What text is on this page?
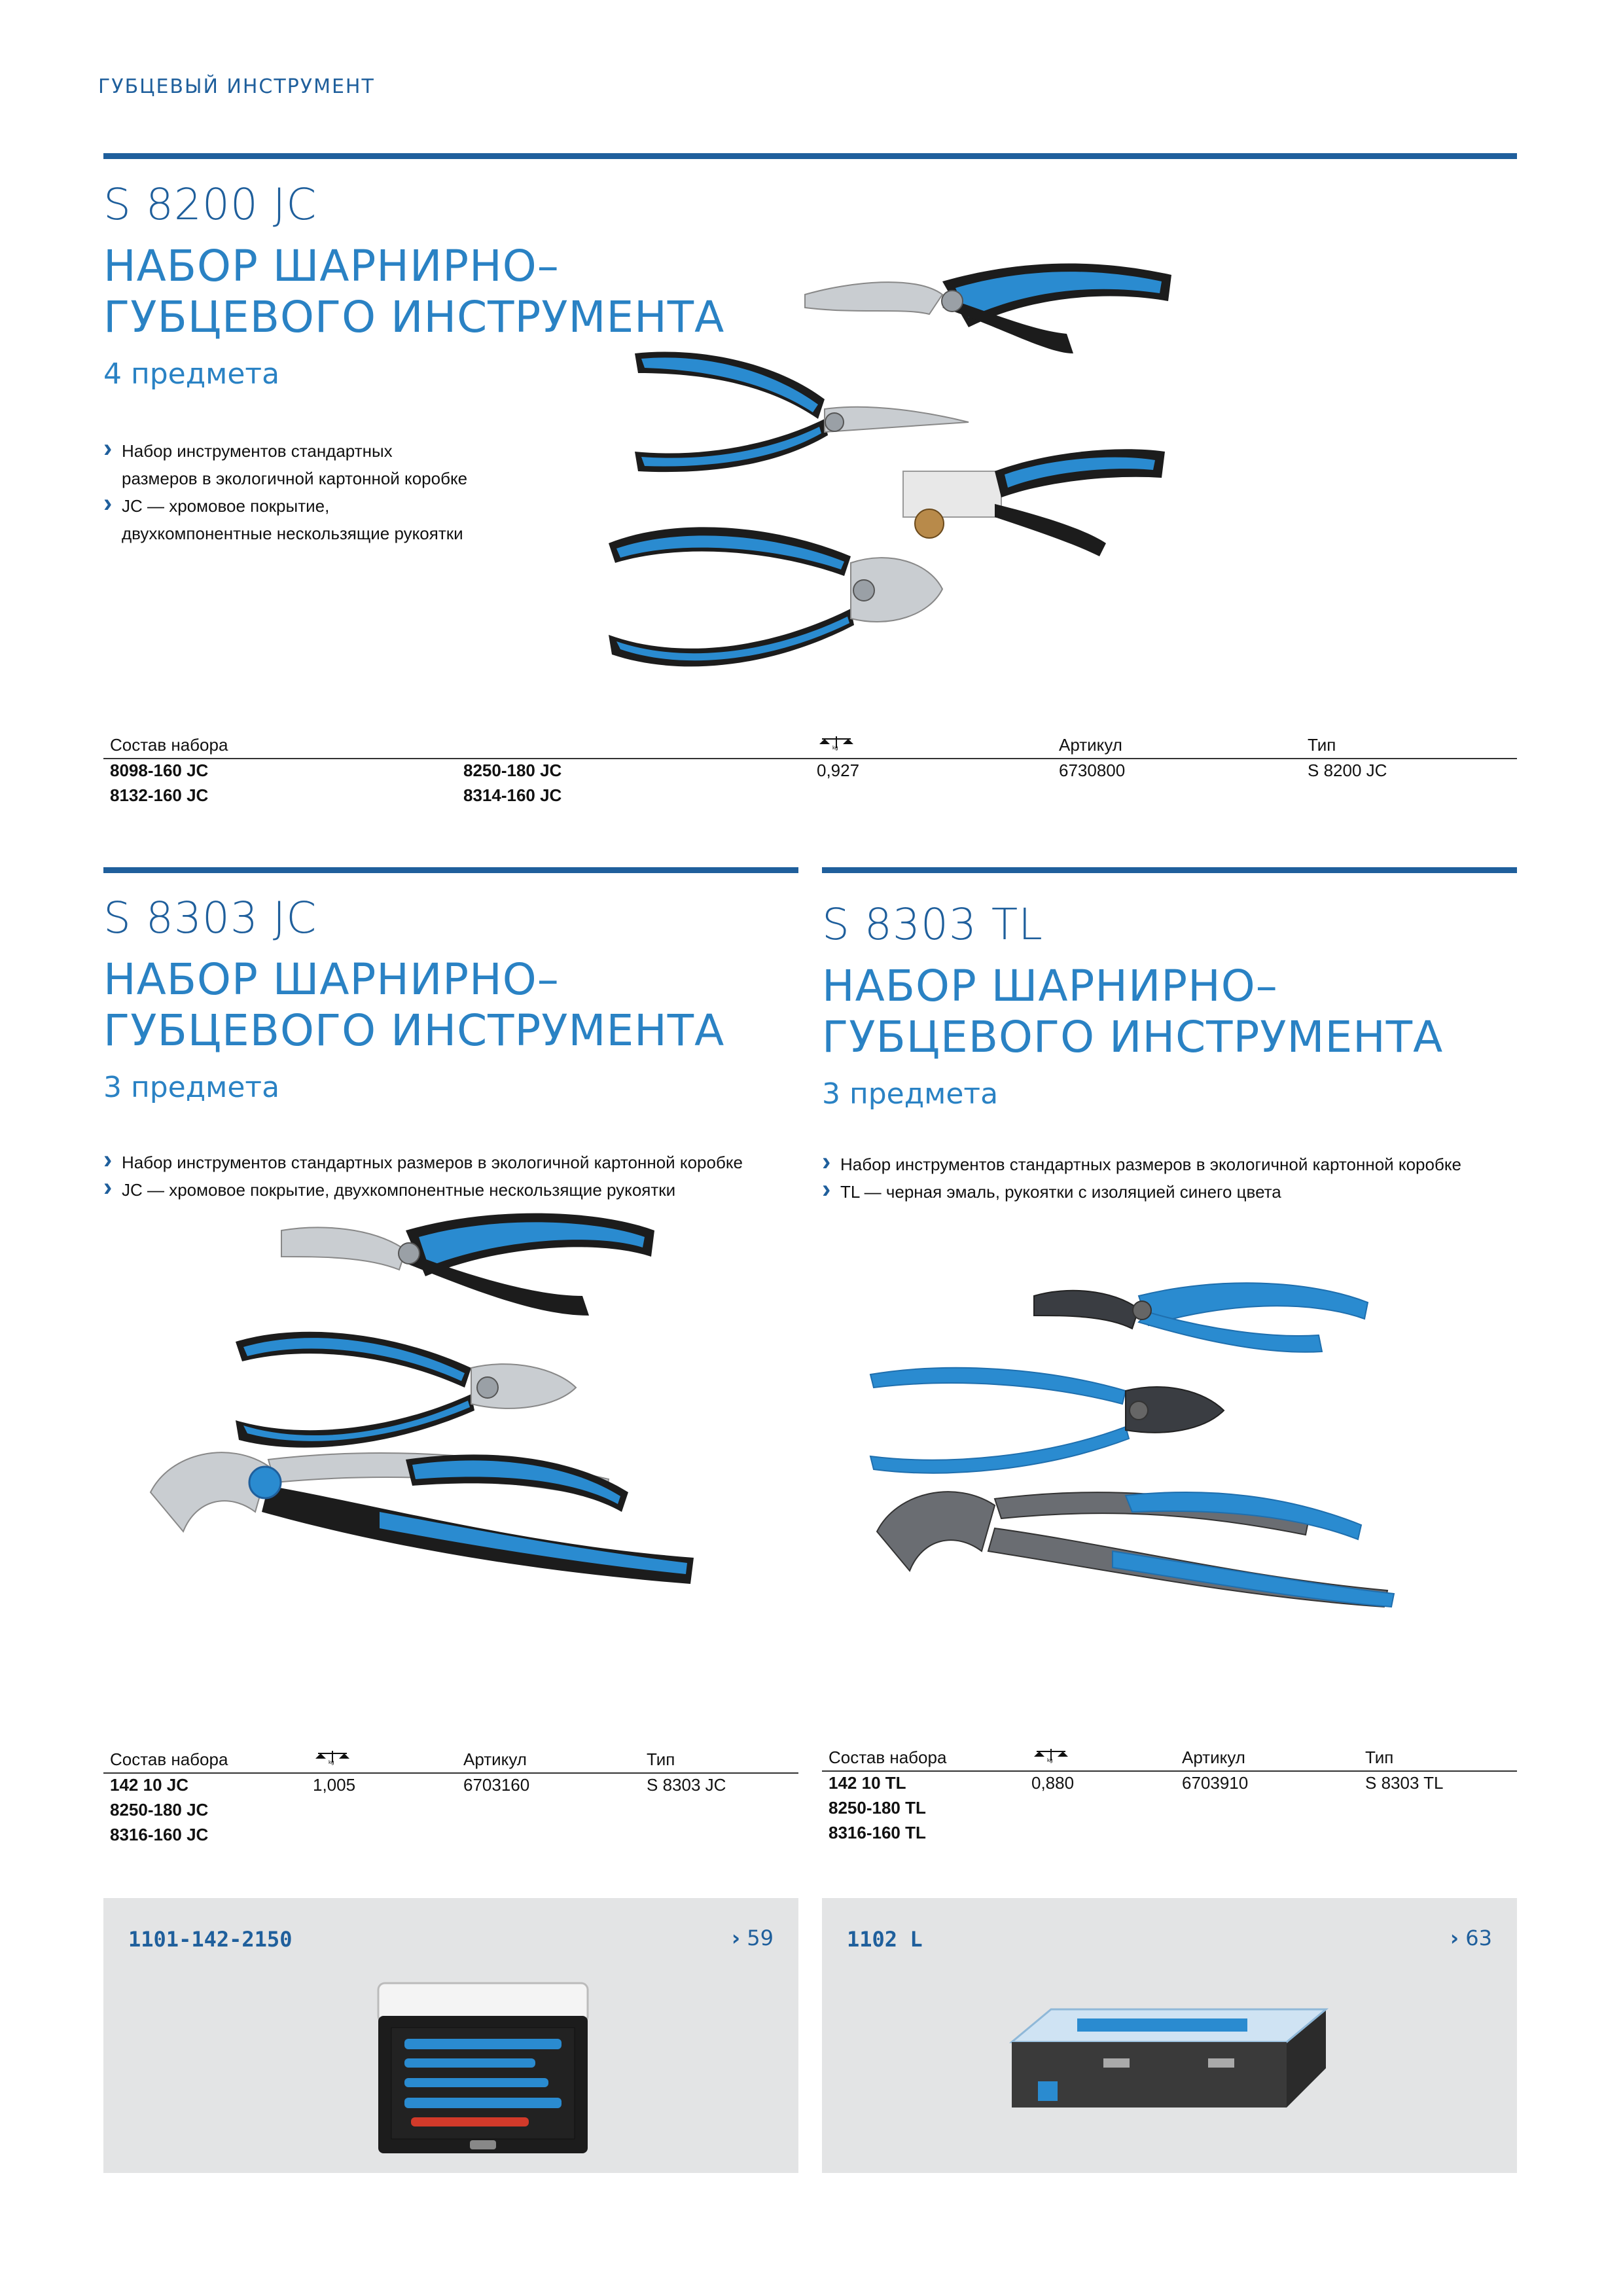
ГУБЦЕВЫЙ ИНСТРУМЕНТ

S 8200 JC

НАБОР ШАРНИРНО–

ГУБЦЕВОГО ИНСТРУМЕНТА

4 предмета

› Набор инструментов стандартных размеров в экологичной картонной коробке
› JC — хромовое покрытие, двухкомпонентные нескользящие рукоятки
Состав набора		kg	Артикул	Тип
8098-160 JC	8250-180 JC	0,927	6730800	S 8200 JC
8132-160 JC	8314-160 JC			

S 8303 JC

НАБОР ШАРНИРНО–

ГУБЦЕВОГО ИНСТРУМЕНТА

3 предмета

› Набор инструментов стандартных размеров в экологичной картонной коробке
› JC — хромовое покрытие, двухкомпонентные нескользящие рукоятки
Состав набора	kg	Артикул	Тип
142 10 JC	1,005	6703160	S 8303 JC
8250-180 JC			
8316-160 JC			

S 8303 TL

НАБОР ШАРНИРНО–

ГУБЦЕВОГО ИНСТРУМЕНТА

3 предмета

› Набор инструментов стандартных размеров в экологичной картонной коробке
› TL — черная эмаль, рукоятки с изоляцией синего цвета
Состав набора	kg	Артикул	Тип
142 10 TL	0,880	6703910	S 8303 TL
8250-180 TL			
8316-160 TL			
1101-142-2150	› 59	1102 L	› 63
